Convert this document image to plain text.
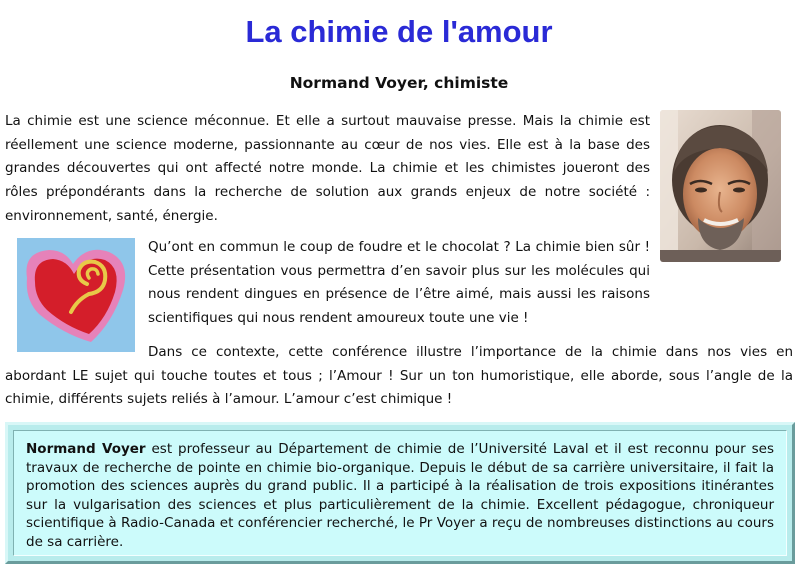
La chimie de l'amour
Normand Voyer, chimiste

La chimie est une science méconnue. Et elle a surtout mauvaise presse. Mais la chimie est réellement une science moderne, passionnante au cœur de nos vies. Elle est à la base des grandes découvertes qui ont affecté notre monde. La chimie et les chimistes joueront des rôles prépondérants dans la recherche de solution aux grands enjeux de notre société : environnement, santé, énergie.

Qu’ont en commun le coup de foudre et le chocolat ? La chimie bien sûr ! Cette présentation vous permettra d’en savoir plus sur les molécules qui nous rendent dingues en présence de l’être aimé, mais aussi les raisons scientifiques qui nous rendent amoureux toute une vie !

Dans ce contexte, cette conférence illustre l’importance de la chimie dans nos vies en abordant LE sujet qui touche toutes et tous ; l’Amour ! Sur un ton humoristique, elle aborde, sous l’angle de la chimie, différents sujets reliés à l’amour. L’amour c’est chimique !

Normand Voyer est professeur au Département de chimie de l’Université Laval et il est reconnu pour ses travaux de recherche de pointe en chimie bio-organique. Depuis le début de sa carrière universitaire, il fait la promotion des sciences auprès du grand public. Il a participé à la réalisation de trois expositions itinérantes sur la vulgarisation des sciences et plus particulièrement de la chimie. Excellent pédagogue, chroniqueur scientifique à Radio-Canada et conférencier recherché, le Pr Voyer a reçu de nombreuses distinctions au cours de sa carrière.
